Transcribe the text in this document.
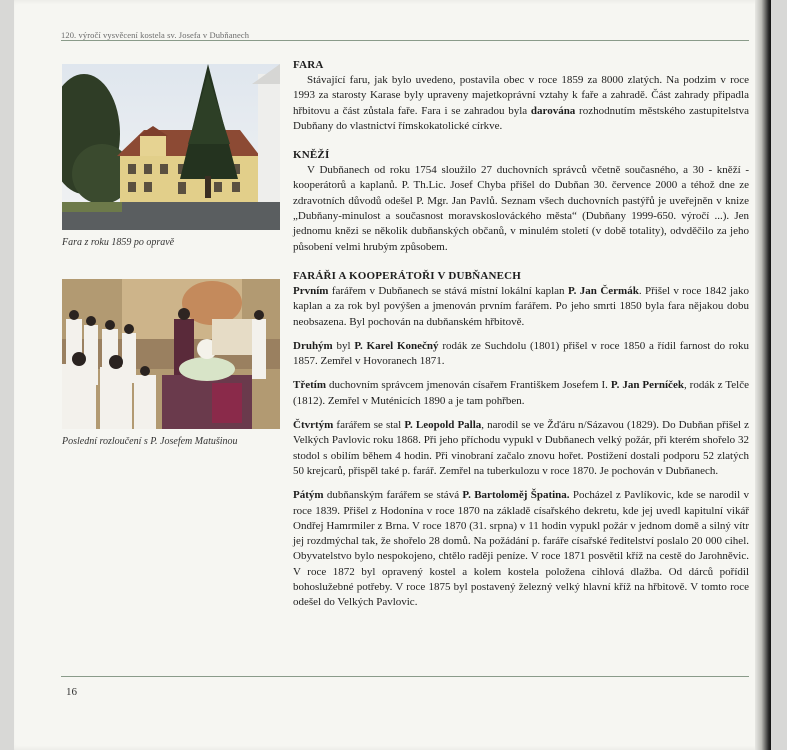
120. výročí vysvěcení kostela sv. Josefa v Dubňanech
Fara z roku 1859 po opravě
Poslední rozloučení s P. Josefem Matušinou
FARA

Stávající faru, jak bylo uvedeno, postavila obec v roce 1859 za 8000 zlatých. Na podzim v roce 1993 za starosty Karase byly upraveny majetkoprávní vztahy k faře a zahradě. Část zahrady připadla hřbitovu a část zůstala faře. Fara i se zahradou byla darována rozhodnutím městského zastupitelstva Dubňany do vlastnictví římskokatolické církve.

KNĚŽÍ

V Dubňanech od roku 1754 sloužilo 27 duchovních správců včetně současného, a 30 - kněží - kooperátorů a kaplanů. P. Th.Lic. Josef Chyba přišel do Dubňan 30. července 2000 a téhož dne ze zdravotních důvodů odešel P. Mgr. Jan Pavlů. Seznam všech duchovních pastýřů je uveřejněn v knize „Dubňany-minulost a současnost moravskoslováckého města“ (Dubňany 1999-650. výročí ...). Jen jednomu knězi se několik dubňanských občanů, v minulém století (v době totality), odvděčilo za jeho působení velmi hrubým způsobem.

FARÁŘI A KOOPERÁTOŘI V DUBŇANECH

Prvním farářem v Dubňanech se stává místní lokální kaplan P. Jan Čermák. Přišel v roce 1842 jako kaplan a za rok byl povýšen a jmenován prvním farářem. Po jeho smrti 1850 byla fara nějakou dobu neobsazena. Byl pochován na dubňanském hřbitově.

Druhým byl P. Karel Konečný rodák ze Suchdolu (1801) přišel v roce 1850 a řídil farnost do roku 1857. Zemřel v Hovoranech 1871.

Třetím duchovním správcem jmenován císařem Františkem Josefem I. P. Jan Perníček, rodák z Telče (1812). Zemřel v Muténicích 1890 a je tam pohřben.

Čtvrtým farářem se stal P. Leopold Palla, narodil se ve Žďáru n/Sázavou (1829). Do Dubňan přišel z Velkých Pavlovic roku 1868. Při jeho příchodu vypukl v Dubňanech velký požár, při kterém shořelo 32 stodol s obilím během 4 hodin. Při vinobraní začalo znovu hořet. Postižení dostali podporu 52 zlatých 50 krejcarů, přispěl také p. farář. Zemřel na tuberkulozu v roce 1870. Je pochován v Dubňanech.

Pátým dubňanským farářem se stává P. Bartoloměj Špatina. Pocházel z Pavlíkovic, kde se narodil v roce 1839. Přišel z Hodonína v roce 1870 na základě císařského dekretu, kde jej uvedl kapitulní vikář Ondřej Hamrmiler z Brna. V roce 1870 (31. srpna) v 11 hodin vypukl požár v jednom domě a silný vítr jej rozdmýchal tak, že shořelo 28 domů. Na požádání p. faráře císařské ředitelství poslalo 20 000 cihel. Obyvatelstvo bylo nespokojeno, chtělo raději peníze. V roce 1871 posvětil kříž na cestě do Jarohněvic. V roce 1872 byl opravený kostel a kolem kostela položena cihlová dlažba. Od dárců pořídil bohoslužebné potřeby. V roce 1875 byl postavený železný velký hlavní kříž na hřbitově. V tomto roce odešel do Velkých Pavlovic.

16
